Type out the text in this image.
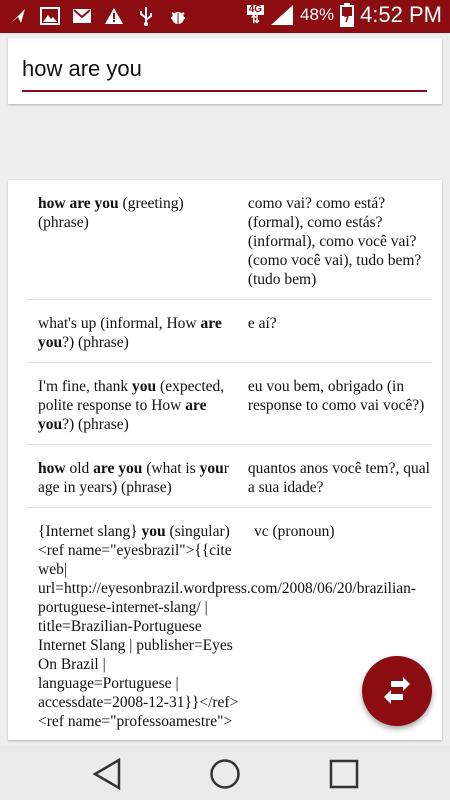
4G
⇅ 48% 4:52 PM
how are you
how are you (greeting) (phrase)
como vai? como está? (formal), como estás? (informal), como você vai? (como você vai), tudo bem? (tudo bem)
what's up (informal, How are you?) (phrase)
e aí?
I'm fine, thank you (expected, polite response to How are you?) (phrase)
eu vou bem, obrigado (in response to como vai você?)
how old are you (what is your age in years) (phrase)
quantos anos você tem?, qual a sua idade?
{Internet slang} you (singular)<ref name="eyesbrazil">{{cite web| url=http://eyesonbrazil.wordpress.com/2008/06/20/brazilian-portuguese-internet-slang/ | title=Brazilian-Portuguese Internet Slang | publisher=Eyes On Brazil | language=Portuguese | accessdate=2008-12-31}}</ref><ref name="professoamestre">
vc (pronoun)
